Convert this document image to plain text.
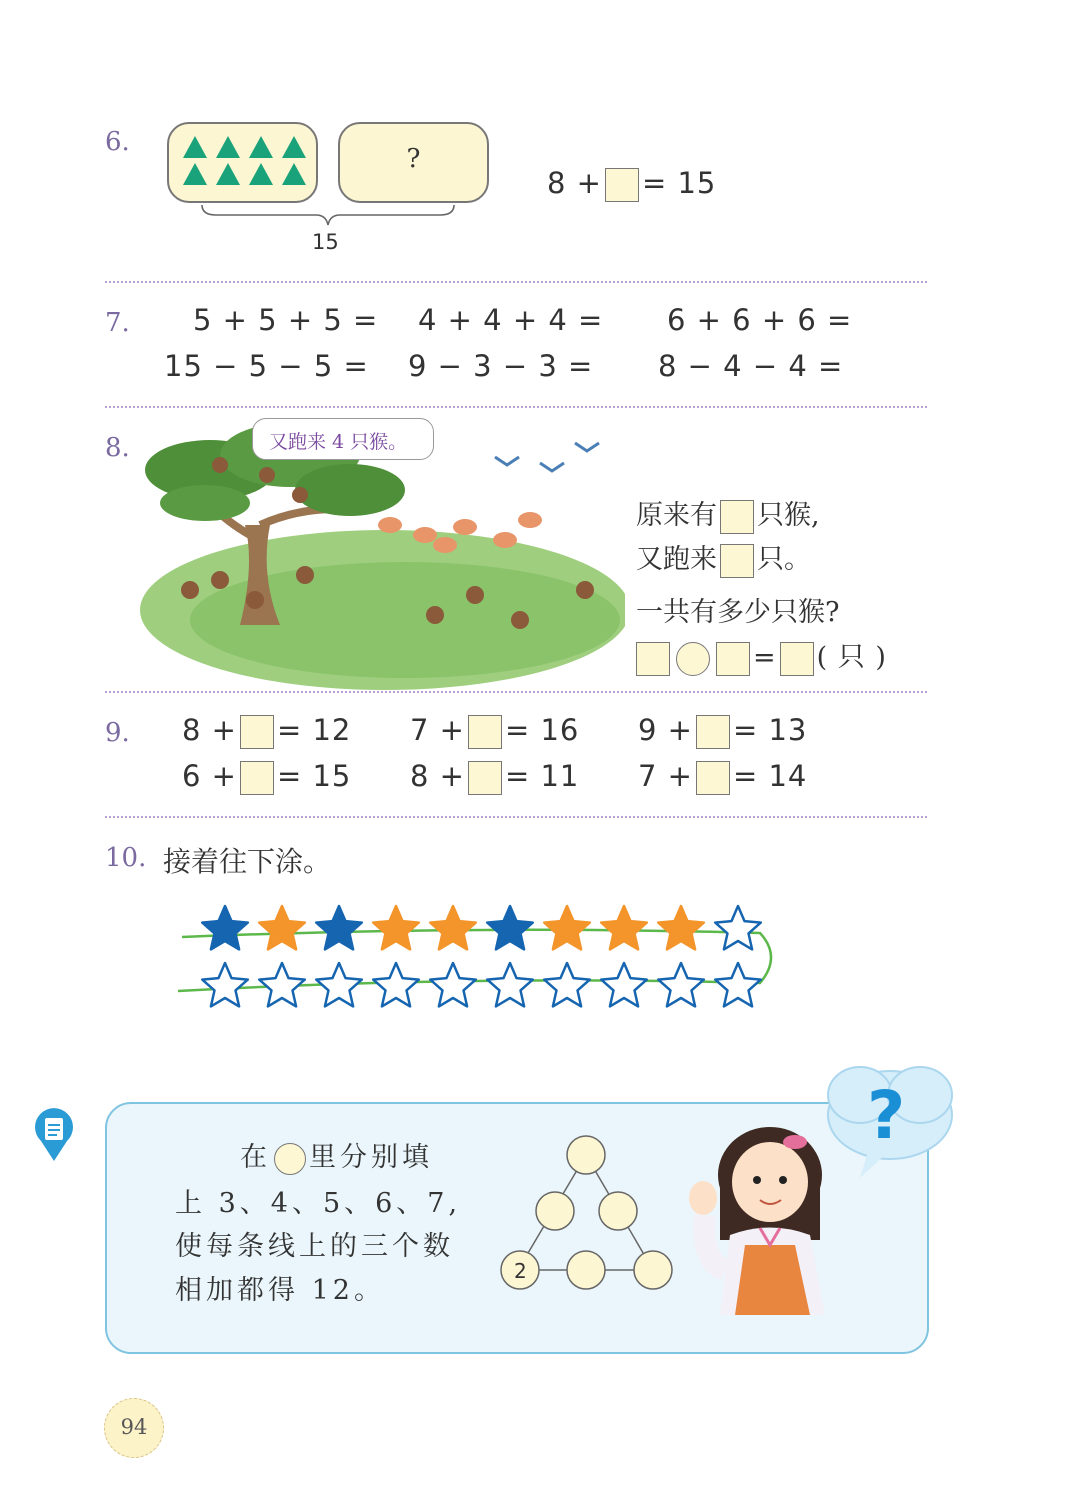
6.
?
15
8 + = 15
7. 5 + 5 + 5 = 4 + 4 + 4 = 6 + 6 + 6 =
15 − 5 − 5 = 9 − 3 − 3 = 8 − 4 − 4 =
8.	又跑来 4 只猴。
原来有 只猴,
又跑来 只。
一共有多少只猴?
= ( 只 )
9. 8 + = 12 7 + = 16 9 + = 13
6 + = 15 8 + = 11 7 + = 14
10. 接着往下涂。
?
在 里分别填
上 3、4、5、6、7,
使每条线上的三个数
相加都得 12。
2
94
